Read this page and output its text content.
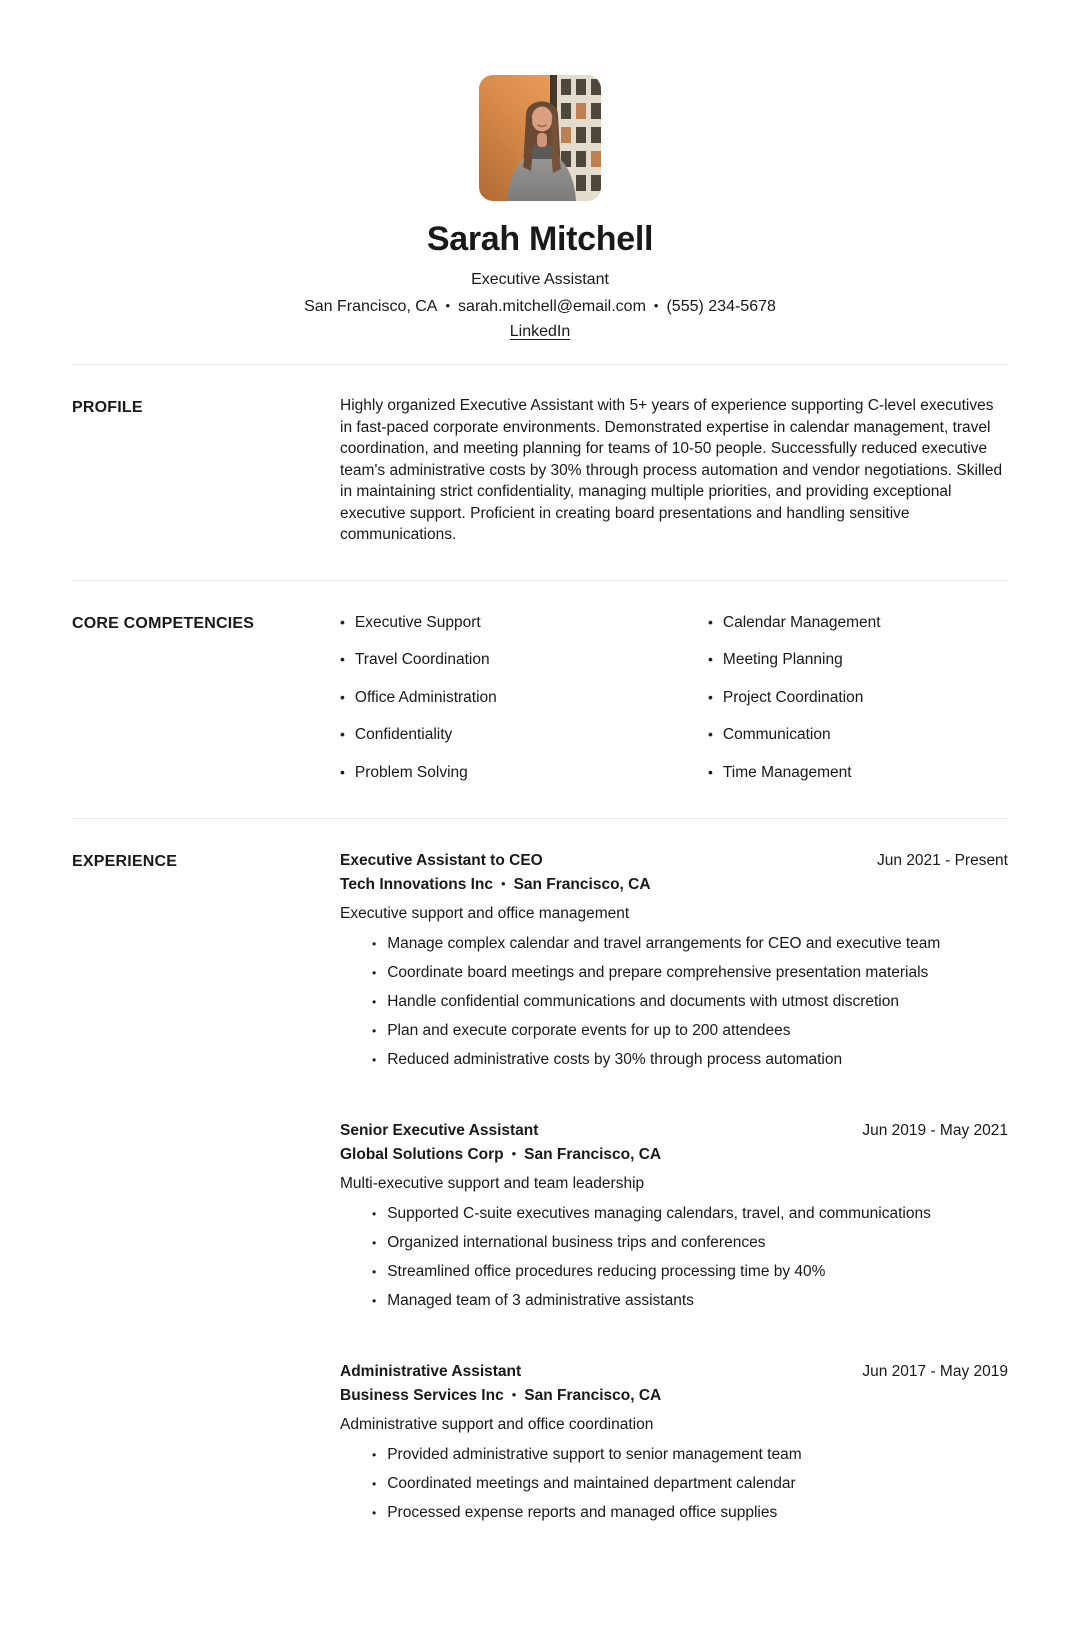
Sarah Mitchell
Executive Assistant
San Francisco, CA • sarah.mitchell@email.com • (555) 234-5678
LinkedIn
PROFILE	Highly organized Executive Assistant with 5+ years of experience supporting C-level executives in fast-paced corporate environments. Demonstrated expertise in calendar management, travel coordination, and meeting planning for teams of 10-50 people. Successfully reduced executive team's administrative costs by 30% through process automation and vendor negotiations. Skilled in maintaining strict confidentiality, managing multiple priorities, and providing exceptional executive support. Proficient in creating board presentations and handling sensitive communications.

CORE COMPETENCIES	• Executive Support
• Travel Coordination
• Office Administration
• Confidentiality
• Problem Solving
• Calendar Management
• Meeting Planning
• Project Coordination
• Communication
• Time Management
EXPERIENCE	Executive Assistant to CEO
Tech Innovations Inc • San Francisco, CA
Jun 2021 - Present
Executive support and office management
• Manage complex calendar and travel arrangements for CEO and executive team
• Coordinate board meetings and prepare comprehensive presentation materials
• Handle confidential communications and documents with utmost discretion
• Plan and execute corporate events for up to 200 attendees
• Reduced administrative costs by 30% through process automation
Senior Executive Assistant
Global Solutions Corp • San Francisco, CA
Jun 2019 - May 2021
Multi-executive support and team leadership
• Supported C-suite executives managing calendars, travel, and communications
• Organized international business trips and conferences
• Streamlined office procedures reducing processing time by 40%
• Managed team of 3 administrative assistants
Administrative Assistant
Business Services Inc • San Francisco, CA
Jun 2017 - May 2019
Administrative support and office coordination
• Provided administrative support to senior management team
• Coordinated meetings and maintained department calendar
• Processed expense reports and managed office supplies
